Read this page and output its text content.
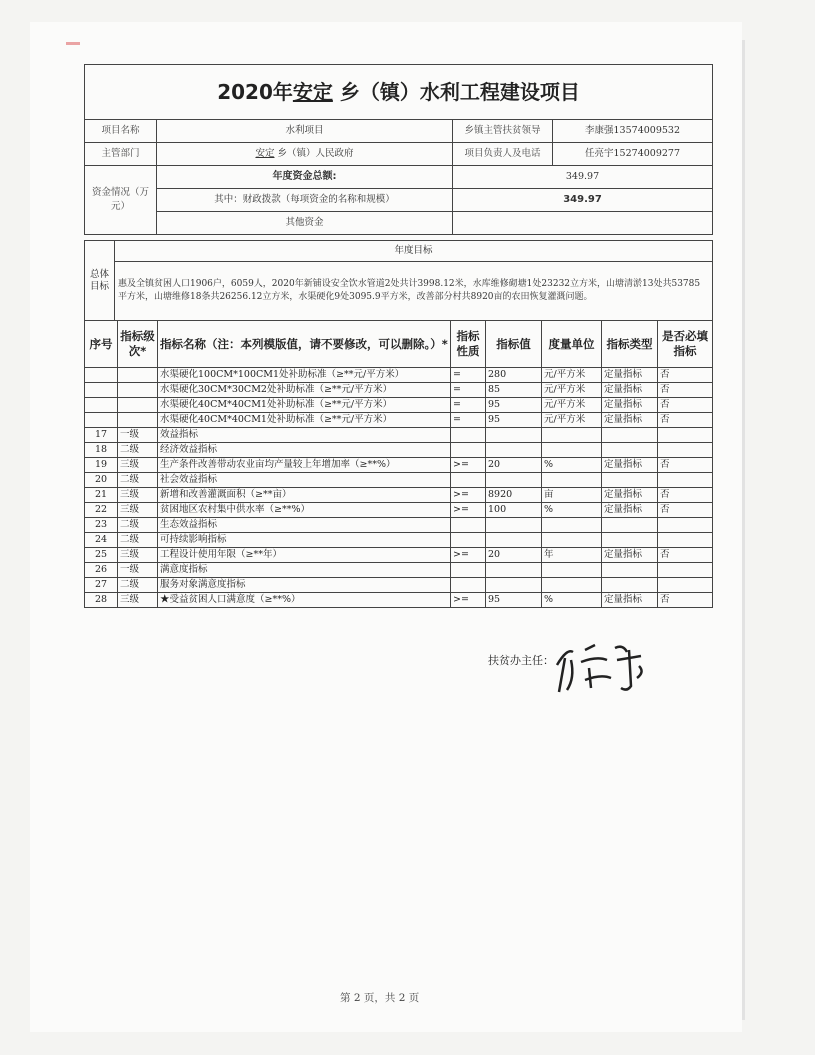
2020年安定 乡（镇）水利工程建设项目			
项目名称	水利项目	乡镇主管扶贫领导	李康强13574009532
主管部门	安定 乡（镇）人民政府	项目负责人及电话	任亮宇15274009277
资金情况（万元）	年度资金总额:	349.97	
	其中：财政拨款（每项资金的名称和规模）	349.97	
	其他资金		
总体目标	年度目标
惠及全镇贫困人口1906户，6059人，2020年新铺设安全饮水管道2处共计3998.12米，水库维修砌塘1处23232立方米，山塘清淤13处共53785平方米，山塘维修18条共26256.12立方米，水渠硬化9处3095.9平方米，改善部分村共8920亩的农田恢复灌溉问题。
序号	指标级次*	指标名称（注：本列模版值，请不要修改，可以删除。）*	指标性质	指标值	度量单位	指标类型	是否必填指标
		水渠硬化100CM*100CM1处补助标准（≥**元/平方米）	=	280	元/平方米	定量指标	否
		水渠硬化30CM*30CM2处补助标准（≥**元/平方米）	=	85	元/平方米	定量指标	否
		水渠硬化40CM*40CM1处补助标准（≥**元/平方米）	=	95	元/平方米	定量指标	否
		水渠硬化40CM*40CM1处补助标准（≥**元/平方米）	=	95	元/平方米	定量指标	否
17	一级	效益指标					
18	二级	经济效益指标					
19	三级	生产条件改善带动农业亩均产量较上年增加率（≥**%）	>=	20	%	定量指标	否
20	二级	社会效益指标					
21	三级	新增和改善灌溉面积（≥**亩）	>=	8920	亩	定量指标	否
22	三级	贫困地区农村集中供水率（≥**%）	>=	100	%	定量指标	否
23	二级	生态效益指标					
24	二级	可持续影响指标					
25	三级	工程设计使用年限（≥**年）	>=	20	年	定量指标	否
26	一级	满意度指标					
27	二级	服务对象满意度指标					
28	三级	★受益贫困人口满意度（≥**%）	>=	95	%	定量指标	否
扶贫办主任：
第 2 页，共 2 页
